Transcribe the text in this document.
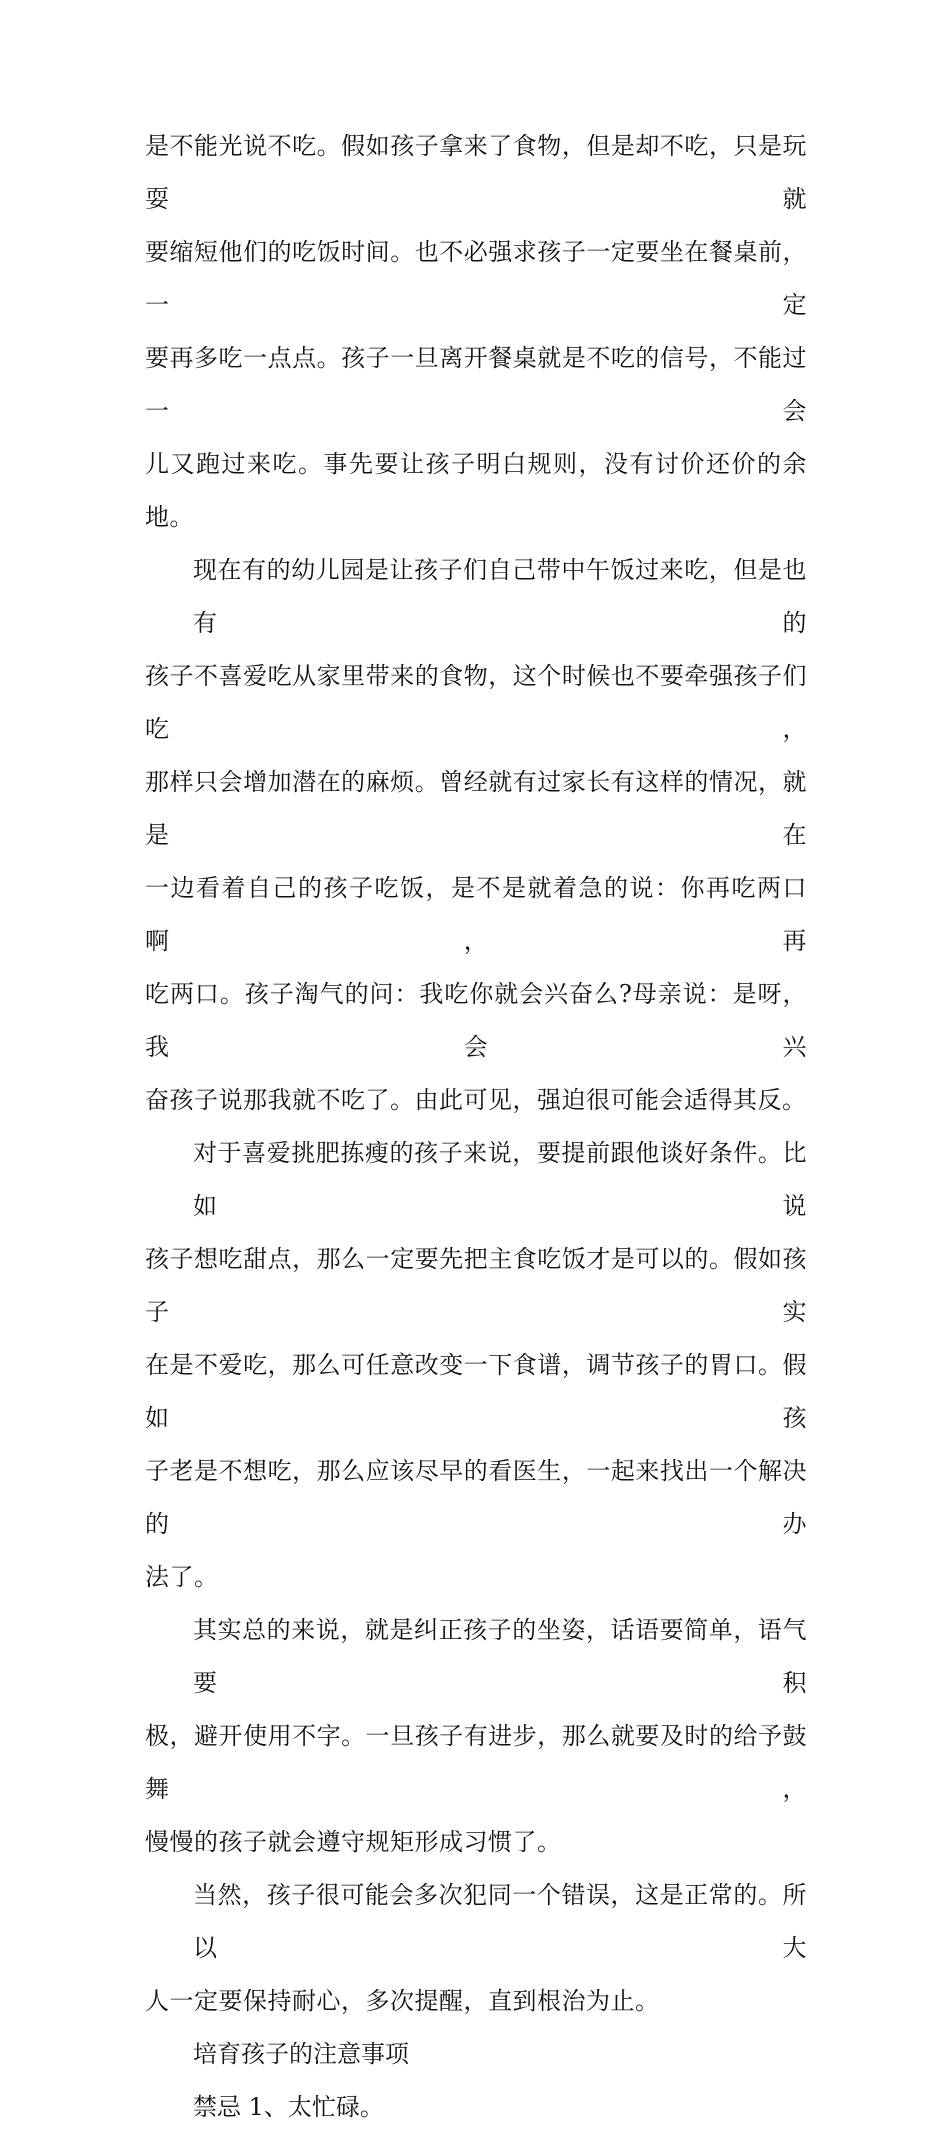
是不能光说不吃。假如孩子拿来了食物，但是却不吃，只是玩耍就
要缩短他们的吃饭时间。也不必强求孩子一定要坐在餐桌前，一定
要再多吃一点点。孩子一旦离开餐桌就是不吃的信号，不能过一会
儿又跑过来吃。事先要让孩子明白规则，没有讨价还价的余地。
现在有的幼儿园是让孩子们自己带中午饭过来吃，但是也有的
孩子不喜爱吃从家里带来的食物，这个时候也不要牵强孩子们吃，
那样只会增加潜在的麻烦。曾经就有过家长有这样的情况，就是在
一边看着自己的孩子吃饭，是不是就着急的说：你再吃两口啊，再
吃两口。孩子淘气的问：我吃你就会兴奋么?母亲说：是呀，我会兴
奋孩子说那我就不吃了。由此可见，强迫很可能会适得其反。
对于喜爱挑肥拣瘦的孩子来说，要提前跟他谈好条件。比如说
孩子想吃甜点，那么一定要先把主食吃饭才是可以的。假如孩子实
在是不爱吃，那么可任意改变一下食谱，调节孩子的胃口。假如孩
子老是不想吃，那么应该尽早的看医生，一起来找出一个解决的办
法了。
其实总的来说，就是纠正孩子的坐姿，话语要简单，语气要积
极，避开使用不字。一旦孩子有进步，那么就要及时的给予鼓舞，
慢慢的孩子就会遵守规矩形成习惯了。
当然，孩子很可能会多次犯同一个错误，这是正常的。所以大
人一定要保持耐心，多次提醒，直到根治为止。

培育孩子的注意事项

禁忌 1、太忙碌。
